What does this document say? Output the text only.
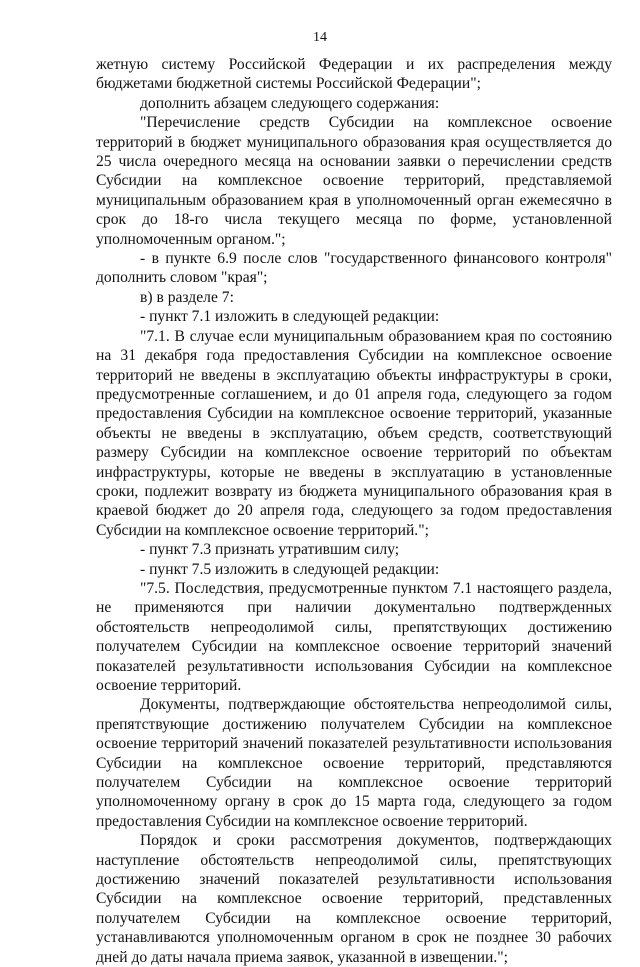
14

жетную систему Российской Федерации и их распределения между бюджетами бюджетной системы Российской Федерации";

дополнить абзацем следующего содержания:

"Перечисление средств Субсидии на комплексное освоение территорий в бюджет муниципального образования края осуществляется до 25 числа очередного месяца на основании заявки о перечислении средств Субсидии на комплексное освоение территорий, представляемой муниципальным образованием края в уполномоченный орган ежемесячно в срок до 18-го числа текущего месяца по форме, установленной уполномоченным органом.";

- в пункте 6.9 после слов "государственного финансового контроля" дополнить словом "края";

в) в разделе 7:

- пункт 7.1 изложить в следующей редакции:

"7.1. В случае если муниципальным образованием края по состоянию на 31 декабря года предоставления Субсидии на комплексное освоение территорий не введены в эксплуатацию объекты инфраструктуры в сроки, предусмотренные соглашением, и до 01 апреля года, следующего за годом предоставления Субсидии на комплексное освоение территорий, указанные объекты не введены в эксплуатацию, объем средств, соответствующий размеру Субсидии на комплексное освоение территорий по объектам инфраструктуры, которые не введены в эксплуатацию в установленные сроки, подлежит возврату из бюджета муниципального образования края в краевой бюджет до 20 апреля года, следующего за годом предоставления Субсидии на комплексное освоение территорий.";

- пункт 7.3 признать утратившим силу;

- пункт 7.5 изложить в следующей редакции:

"7.5. Последствия, предусмотренные пунктом 7.1 настоящего раздела, не применяются при наличии документально подтвержденных обстоятельств непреодолимой силы, препятствующих достижению получателем Субсидии на комплексное освоение территорий значений показателей результативности использования Субсидии на комплексное освоение территорий.

Документы, подтверждающие обстоятельства непреодолимой силы, препятствующие достижению получателем Субсидии на комплексное освоение территорий значений показателей результативности использования Субсидии на комплексное освоение территорий, представляются получателем Субсидии на комплексное освоение территорий уполномоченному органу в срок до 15 марта года, следующего за годом предоставления Субсидии на комплексное освоение территорий.

Порядок и сроки рассмотрения документов, подтверждающих наступление обстоятельств непреодолимой силы, препятствующих достижению значений показателей результативности использования Субсидии на комплексное освоение территорий, представленных получателем Субсидии на комплексное освоение территорий, устанавливаются уполномоченным органом в срок не позднее 30 рабочих дней до даты начала приема заявок, указанной в извещении.";
